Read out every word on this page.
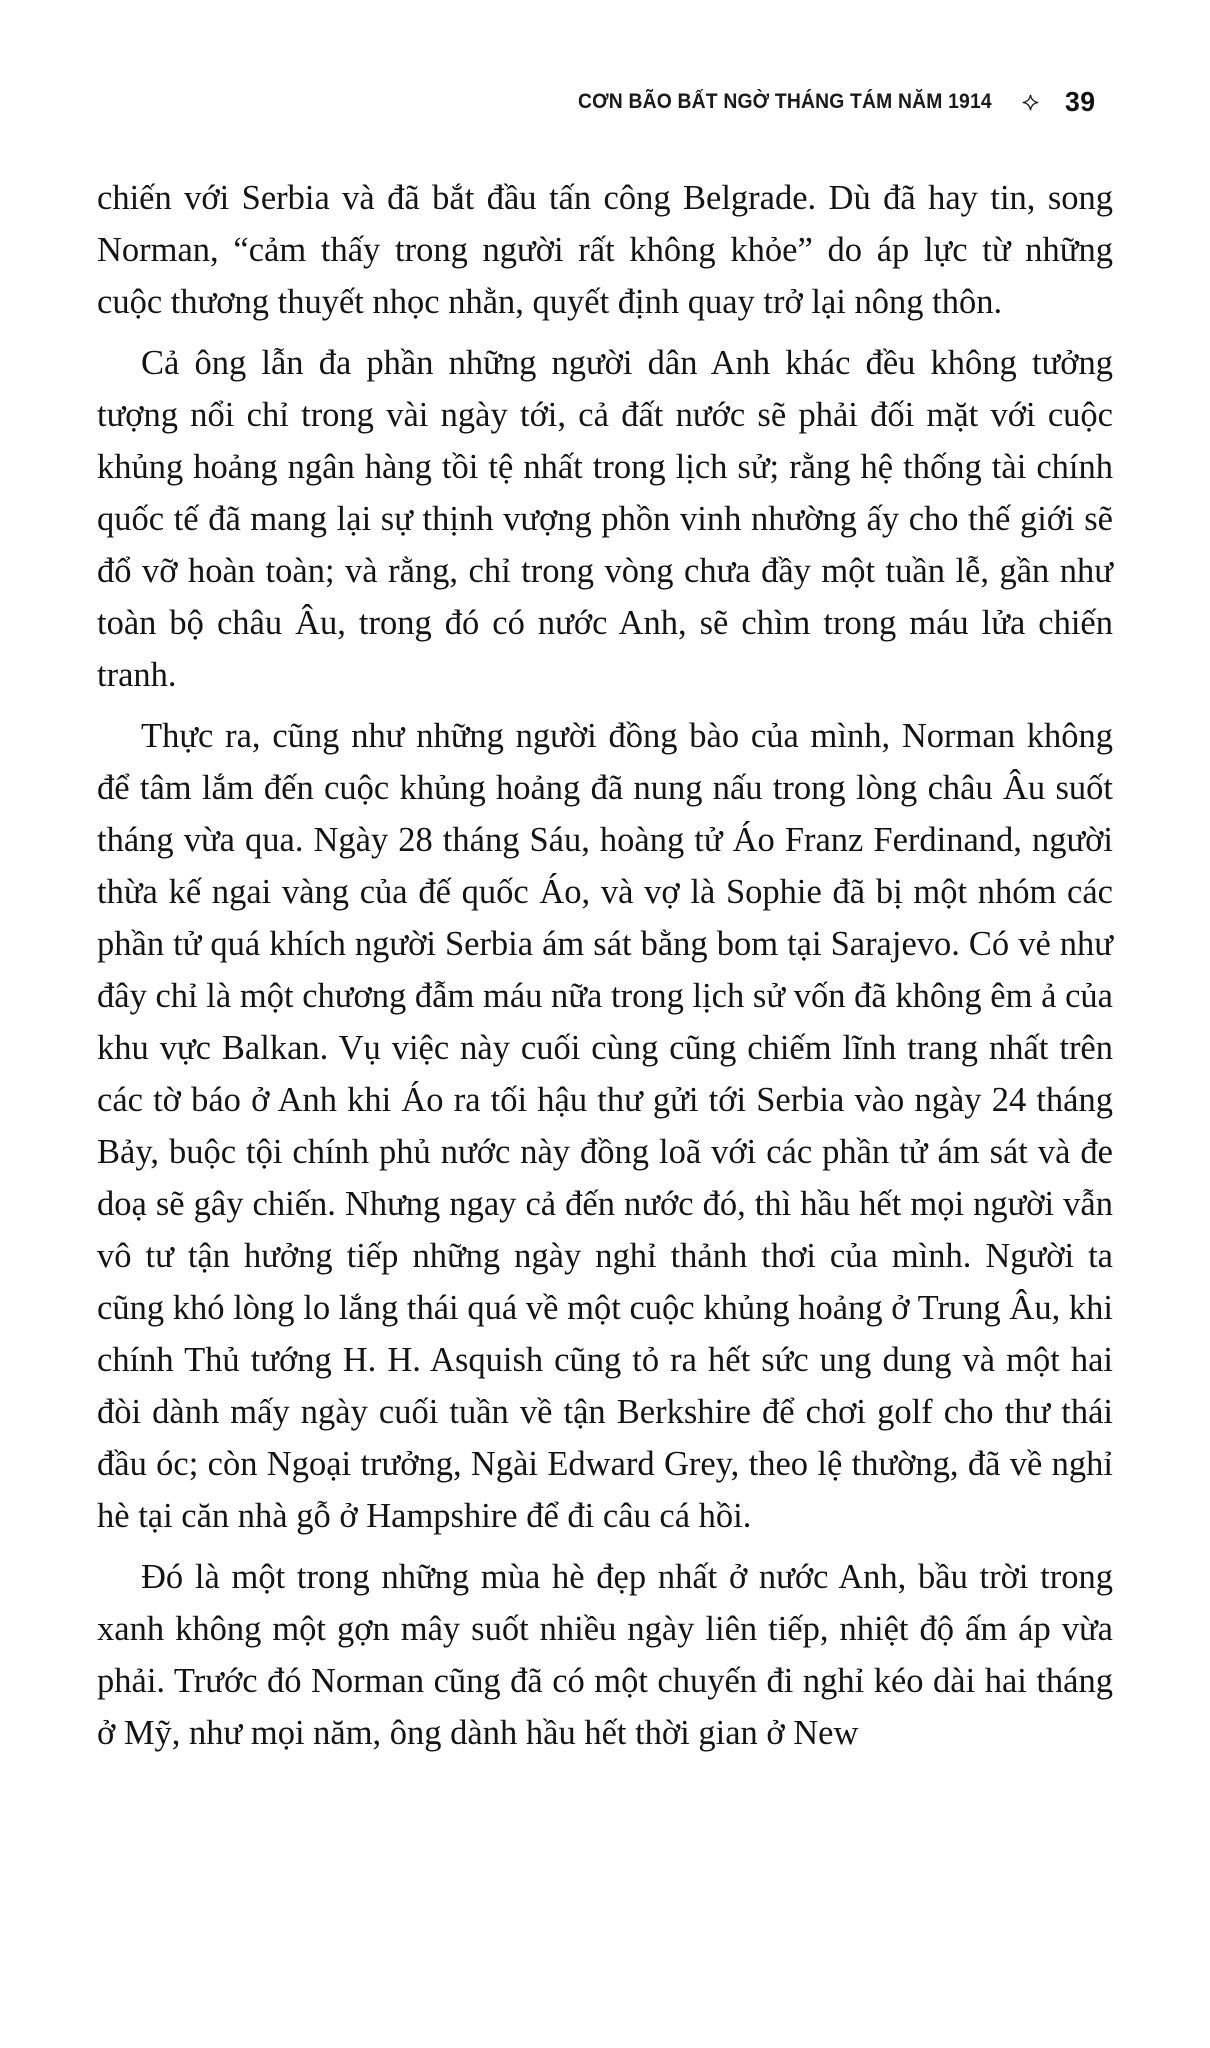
CƠN BÃO BẤT NGỜ THÁNG TÁM NĂM 1914	39

chiến với Serbia và đã bắt đầu tấn công Belgrade. Dù đã hay tin, song Norman, “cảm thấy trong người rất không khỏe” do áp lực từ những cuộc thương thuyết nhọc nhằn, quyết định quay trở lại nông thôn.

Cả ông lẫn đa phần những người dân Anh khác đều không tưởng tượng nổi chỉ trong vài ngày tới, cả đất nước sẽ phải đối mặt với cuộc khủng hoảng ngân hàng tồi tệ nhất trong lịch sử; rằng hệ thống tài chính quốc tế đã mang lại sự thịnh vượng phồn vinh nhường ấy cho thế giới sẽ đổ vỡ hoàn toàn; và rằng, chỉ trong vòng chưa đầy một tuần lễ, gần như toàn bộ châu Âu, trong đó có nước Anh, sẽ chìm trong máu lửa chiến tranh.

Thực ra, cũng như những người đồng bào của mình, Norman không để tâm lắm đến cuộc khủng hoảng đã nung nấu trong lòng châu Âu suốt tháng vừa qua. Ngày 28 tháng Sáu, hoàng tử Áo Franz Ferdinand, người thừa kế ngai vàng của đế quốc Áo, và vợ là Sophie đã bị một nhóm các phần tử quá khích người Serbia ám sát bằng bom tại Sarajevo. Có vẻ như đây chỉ là một chương đẫm máu nữa trong lịch sử vốn đã không êm ả của khu vực Balkan. Vụ việc này cuối cùng cũng chiếm lĩnh trang nhất trên các tờ báo ở Anh khi Áo ra tối hậu thư gửi tới Serbia vào ngày 24 tháng Bảy, buộc tội chính phủ nước này đồng loã với các phần tử ám sát và đe doạ sẽ gây chiến. Nhưng ngay cả đến nước đó, thì hầu hết mọi người vẫn vô tư tận hưởng tiếp những ngày nghỉ thảnh thơi của mình. Người ta cũng khó lòng lo lắng thái quá về một cuộc khủng hoảng ở Trung Âu, khi chính Thủ tướng H. H. Asquish cũng tỏ ra hết sức ung dung và một hai đòi dành mấy ngày cuối tuần về tận Berkshire để chơi golf cho thư thái đầu óc; còn Ngoại trưởng, Ngài Edward Grey, theo lệ thường, đã về nghỉ hè tại căn nhà gỗ ở Hampshire để đi câu cá hồi.

Đó là một trong những mùa hè đẹp nhất ở nước Anh, bầu trời trong xanh không một gợn mây suốt nhiều ngày liên tiếp, nhiệt độ ấm áp vừa phải. Trước đó Norman cũng đã có một chuyến đi nghỉ kéo dài hai tháng ở Mỹ, như mọi năm, ông dành hầu hết thời gian ở New
